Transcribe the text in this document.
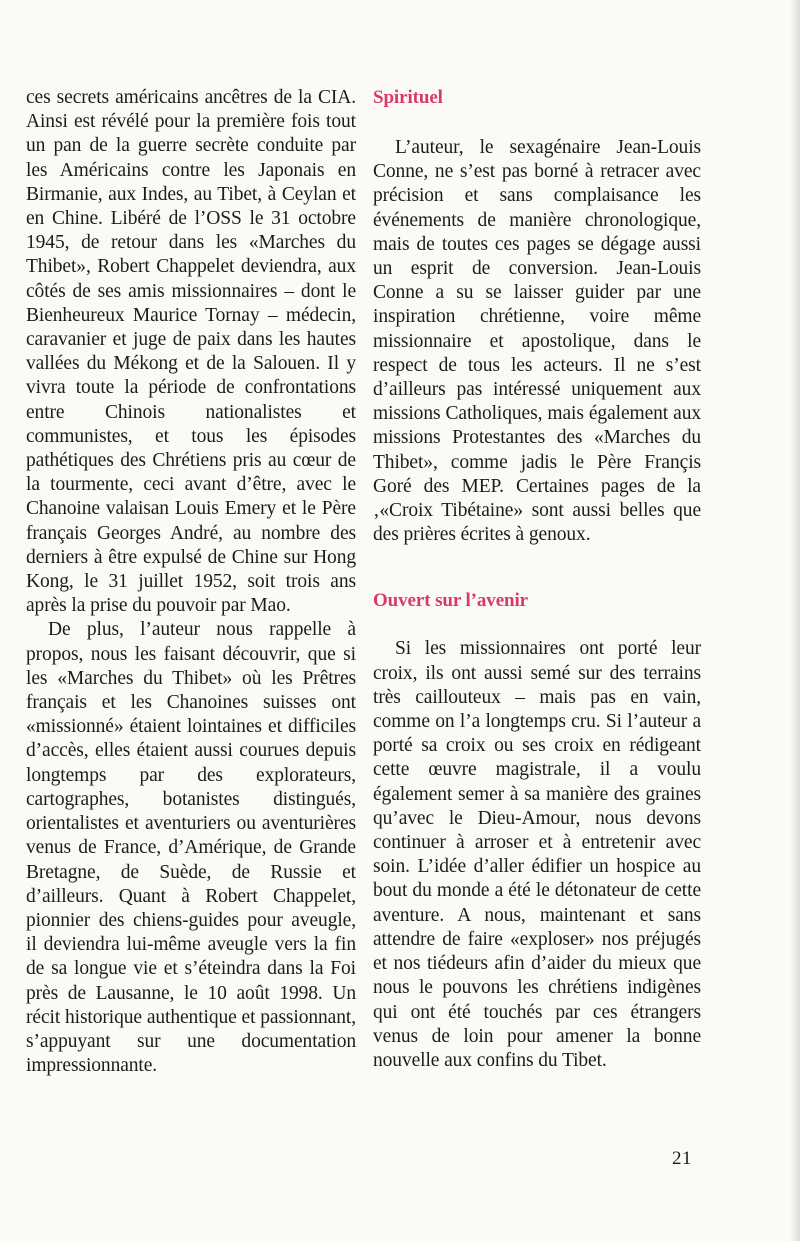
ces secrets américains ancêtres de la CIA. Ainsi est révélé pour la première fois tout un pan de la guerre secrète conduite par les Américains contre les Japonais en Birmanie, aux Indes, au Tibet, à Ceylan et en Chine. Libéré de l’OSS le 31 octobre 1945, de retour dans les «Marches du Thibet», Robert Chappelet deviendra, aux côtés de ses amis missionnaires – dont le Bienheureux Maurice Tornay – médecin, caravanier et juge de paix dans les hautes vallées du Mékong et de la Salouen. Il y vivra toute la période de confrontations entre Chinois nationalistes et communistes, et tous les épisodes pathétiques des Chrétiens pris au cœur de la tourmente, ceci avant d’être, avec le Chanoine valaisan Louis Emery et le Père français Georges André, au nombre des derniers à être expulsé de Chine sur Hong Kong, le 31 juillet 1952, soit trois ans après la prise du pouvoir par Mao.

De plus, l’auteur nous rappelle à propos, nous les faisant découvrir, que si les «Marches du Thibet» où les Prêtres français et les Chanoines suisses ont «missionné» étaient lointaines et difficiles d’accès, elles étaient aussi courues depuis longtemps par des explorateurs, cartographes, botanistes distingués, orientalistes et aventuriers ou aventurières venus de France, d’Amérique, de Grande Bretagne, de Suède, de Russie et d’ailleurs. Quant à Robert Chappelet, pionnier des chiens-guides pour aveugle, il deviendra lui-même aveugle vers la fin de sa longue vie et s’éteindra dans la Foi près de Lausanne, le 10 août 1998. Un récit historique authentique et passionnant, s’appuyant sur une documentation impressionnante.

Spirituel

L’auteur, le sexagénaire Jean-Louis Conne, ne s’est pas borné à retracer avec précision et sans complaisance les événements de manière chronologique, mais de toutes ces pages se dégage aussi un esprit de conversion. Jean-Louis Conne a su se laisser guider par une inspiration chrétienne, voire même missionnaire et apostolique, dans le respect de tous les acteurs. Il ne s’est d’ailleurs pas intéressé uniquement aux missions Catholiques, mais également aux missions Protestantes des «Marches du Thibet», comme jadis le Père Françis Goré des MEP. Certaines pages de la ‚«Croix Tibétaine» sont aussi belles que des prières écrites à genoux.

Ouvert sur l’avenir

Si les missionnaires ont porté leur croix, ils ont aussi semé sur des terrains très caillouteux – mais pas en vain, comme on l’a longtemps cru. Si l’auteur a porté sa croix ou ses croix en rédigeant cette œuvre magistrale, il a voulu également semer à sa manière des graines qu’avec le Dieu-Amour, nous devons continuer à arroser et à entretenir avec soin. L’idée d’aller édifier un hospice au bout du monde a été le détonateur de cette aventure. A nous, maintenant et sans attendre de faire «exploser» nos préjugés et nos tiédeurs afin d’aider du mieux que nous le pouvons les chrétiens indigènes qui ont été touchés par ces étrangers venus de loin pour amener la bonne nouvelle aux confins du Tibet.

21
